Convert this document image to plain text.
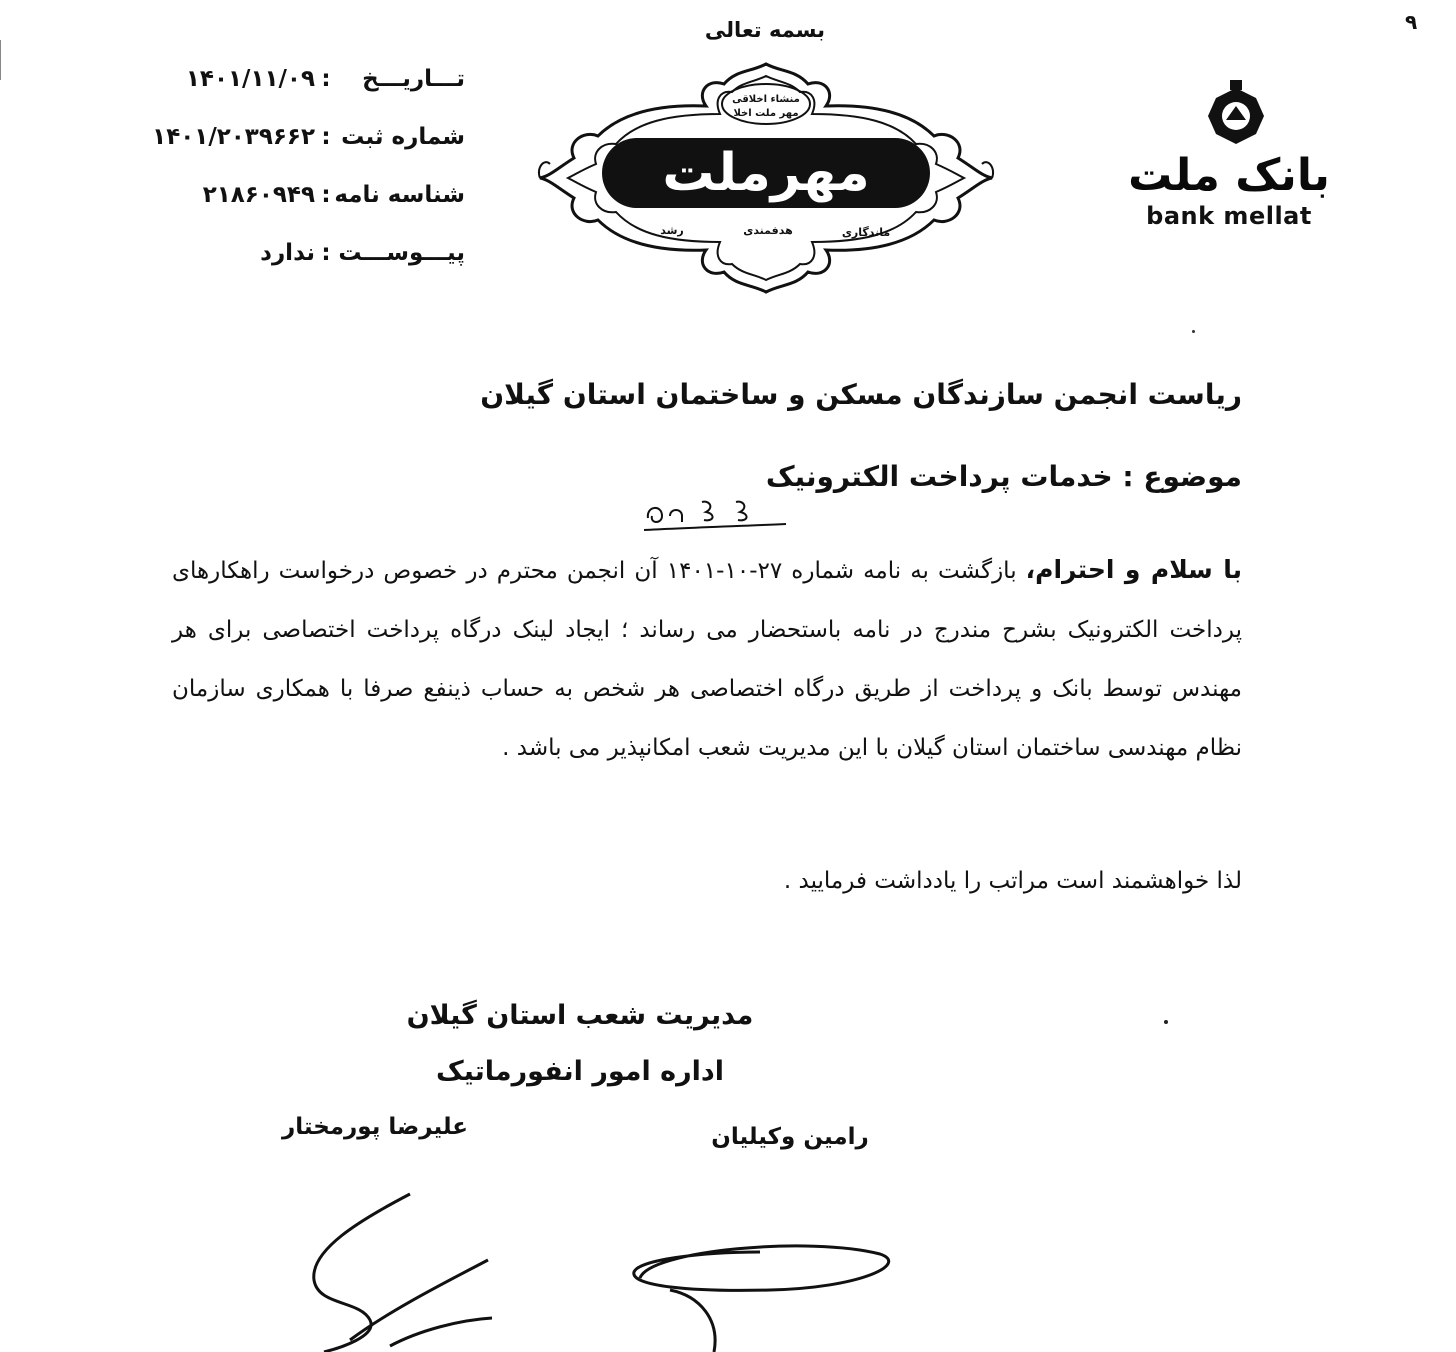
۹
بسمه تعالی
تـــاریـــخ
:
۱۴۰۱/۱۱/۰۹
شماره ثبت
:
۱۴۰۱/۲۰۳۹۶۶۲
شناسه نامه
:
۲۱۸۶۰۹۴۹
پیـــوســـت
:
ندارد
منشاء اخلاقی
مهر ملت اخلا
مهرملت
ماندگاری
هدفمندی
رشد
بانک ملت
bank mellat
ریاست انجمن سازندگان مسکن و ساختمان استان گیلان
موضوع : خدمات پرداخت الکترونیک
با سلام و احترام، بازگشت به نامه شماره ۲۷-۱۰-۱۴۰۱ آن انجمن محترم در خصوص درخواست راهکارهای پرداخت الکترونیک بشرح مندرج در نامه باستحضار می رساند ؛ ایجاد لینک درگاه پرداخت اختصاصی برای هر مهندس توسط بانک و پرداخت از طریق درگاه اختصاصی هر شخص به حساب ذینفع صرفا با همکاری سازمان نظام مهندسی ساختمان استان گیلان با این مدیریت شعب امکانپذیر می باشد .
لذا خواهشمند است مراتب را یادداشت فرمایید .
مدیریت شعب استان گیلان
اداره امور انفورماتیک
علیرضا پورمختار	رامین وکیلیان
